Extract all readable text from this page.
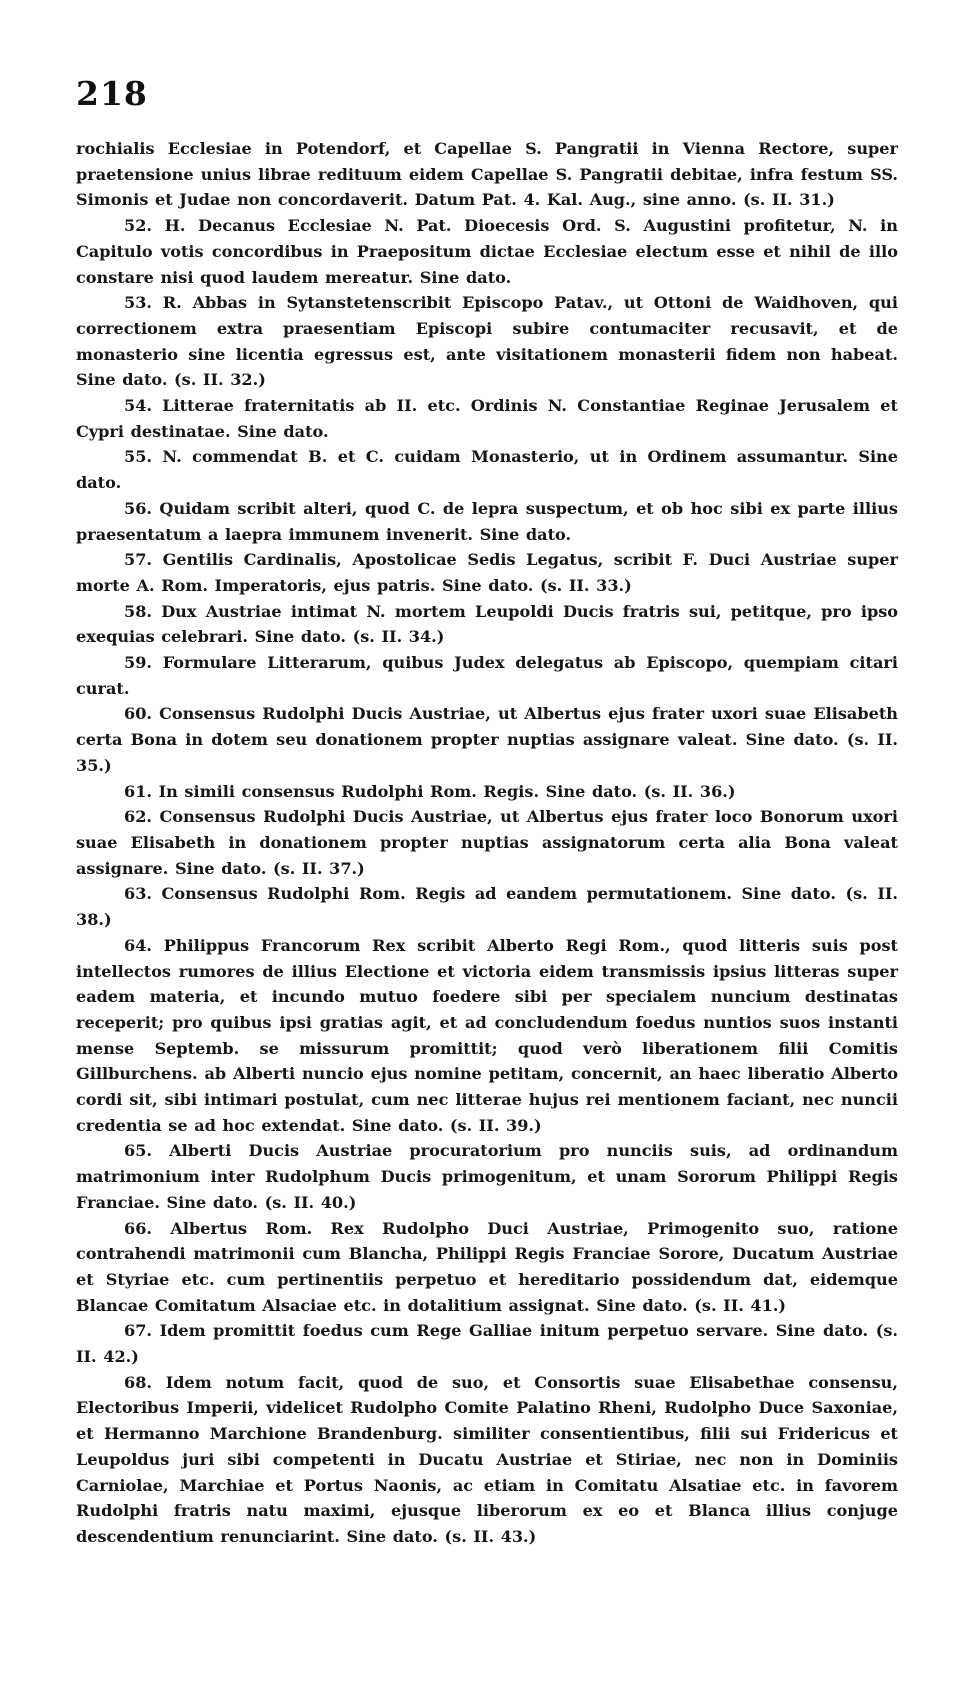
218

rochialis Ecclesiae in Potendorf, et Capellae S. Pangratii in Vienna Rectore, super praetensione unius librae redituum eidem Capellae S. Pangratii debitae, infra festum SS. Simonis et Judae non concordaverit. Datum Pat. 4. Kal. Aug., sine anno. (s. II. 31.)

52. H. Decanus Ecclesiae N. Pat. Dioecesis Ord. S. Augustini profitetur, N. in Capitulo votis concordibus in Praepositum dictae Ecclesiae electum esse et nihil de illo constare nisi quod laudem mereatur. Sine dato.

53. R. Abbas in Sytanstetenscribit Episcopo Patav., ut Ottoni de Waidhoven, qui correctionem extra praesentiam Episcopi subire contumaciter recusavit, et de monasterio sine licentia egressus est, ante visitationem monasterii fidem non habeat. Sine dato. (s. II. 32.)

54. Litterae fraternitatis ab II. etc. Ordinis N. Constantiae Reginae Jerusalem et Cypri destinatae. Sine dato.

55. N. commendat B. et C. cuidam Monasterio, ut in Ordinem assumantur. Sine dato.

56. Quidam scribit alteri, quod C. de lepra suspectum, et ob hoc sibi ex parte illius praesentatum a laepra immunem invenerit. Sine dato.

57. Gentilis Cardinalis, Apostolicae Sedis Legatus, scribit F. Duci Austriae super morte A. Rom. Imperatoris, ejus patris. Sine dato. (s. II. 33.)

58. Dux Austriae intimat N. mortem Leupoldi Ducis fratris sui, petitque, pro ipso exequias celebrari. Sine dato. (s. II. 34.)

59. Formulare Litterarum, quibus Judex delegatus ab Episcopo, quempiam citari curat.

60. Consensus Rudolphi Ducis Austriae, ut Albertus ejus frater uxori suae Elisabeth certa Bona in dotem seu donationem propter nuptias assignare valeat. Sine dato. (s. II. 35.)

61. In simili consensus Rudolphi Rom. Regis. Sine dato. (s. II. 36.)

62. Consensus Rudolphi Ducis Austriae, ut Albertus ejus frater loco Bonorum uxori suae Elisabeth in donationem propter nuptias assignatorum certa alia Bona valeat assignare. Sine dato. (s. II. 37.)

63. Consensus Rudolphi Rom. Regis ad eandem permutationem. Sine dato. (s. II. 38.)

64. Philippus Francorum Rex scribit Alberto Regi Rom., quod litteris suis post intellectos rumores de illius Electione et victoria eidem transmissis ipsius litteras super eadem materia, et incundo mutuo foedere sibi per specialem nuncium destinatas receperit; pro quibus ipsi gratias agit, et ad concludendum foedus nuntios suos instanti mense Septemb. se missurum promittit; quod verò liberationem filii Comitis Gillburchens. ab Alberti nuncio ejus nomine petitam, concernit, an haec liberatio Alberto cordi sit, sibi intimari postulat, cum nec litterae hujus rei mentionem faciant, nec nuncii credentia se ad hoc extendat. Sine dato. (s. II. 39.)

65. Alberti Ducis Austriae procuratorium pro nunciis suis, ad ordinandum matrimonium inter Rudolphum Ducis primogenitum, et unam Sororum Philippi Regis Franciae. Sine dato. (s. II. 40.)

66. Albertus Rom. Rex Rudolpho Duci Austriae, Primogenito suo, ratione contrahendi matrimonii cum Blancha, Philippi Regis Franciae Sorore, Ducatum Austriae et Styriae etc. cum pertinentiis perpetuo et hereditario possidendum dat, eidemque Blancae Comitatum Alsaciae etc. in dotalitium assignat. Sine dato. (s. II. 41.)

67. Idem promittit foedus cum Rege Galliae initum perpetuo servare. Sine dato. (s. II. 42.)

68. Idem notum facit, quod de suo, et Consortis suae Elisabethae consensu, Electoribus Imperii, videlicet Rudolpho Comite Palatino Rheni, Rudolpho Duce Saxoniae, et Hermanno Marchione Brandenburg. similiter consentientibus, filii sui Fridericus et Leupoldus juri sibi competenti in Ducatu Austriae et Stiriae, nec non in Dominiis Carniolae, Marchiae et Portus Naonis, ac etiam in Comitatu Alsatiae etc. in favorem Rudolphi fratris natu maximi, ejusque liberorum ex eo et Blanca illius conjuge descendentium renunciarint. Sine dato. (s. II. 43.)
